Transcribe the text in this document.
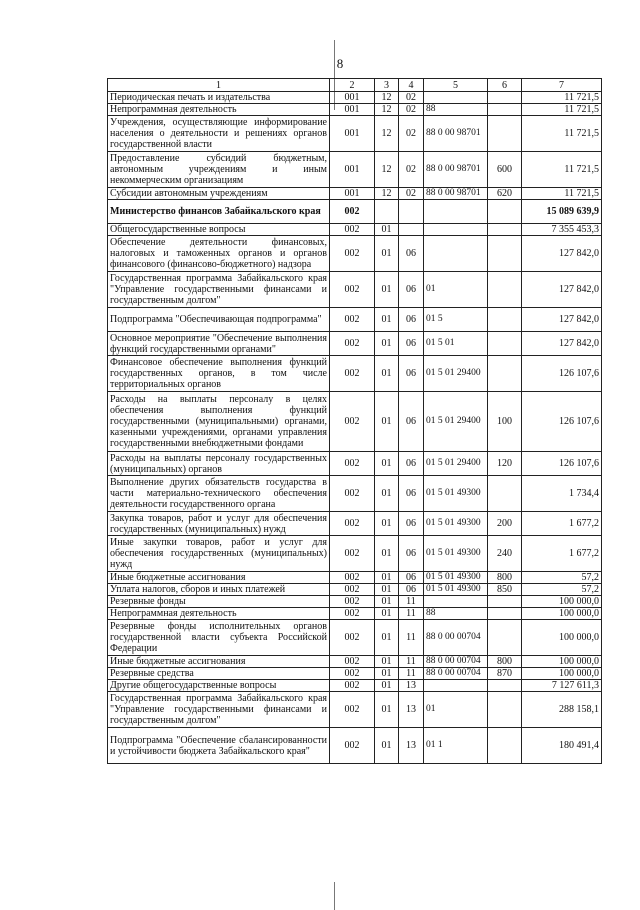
8
1	2	3	4	5	6	7
Периодическая печать и издательства	001	12	02			11 721,5
Непрограммная деятельность	001	12	02	88		11 721,5
Учреждения, осуществляющие информирование населения о деятельности и решениях органов государственной власти	001	12	02	88 0 00 98701		11 721,5
Предоставление субсидий бюджетным, автономным учреждениям и иным некоммерческим организациям	001	12	02	88 0 00 98701	600	11 721,5
Субсидии автономным учреждениям	001	12	02	88 0 00 98701	620	11 721,5
Министерство финансов Забайкальского края	002					15 089 639,9
Общегосударственные вопросы	002	01				7 355 453,3
Обеспечение деятельности финансовых, налоговых и таможенных органов и органов финансового (финансово-бюджетного) надзора	002	01	06			127 842,0
Государственная программа Забайкальского края "Управление государственными финансами и государственным долгом"	002	01	06	01		127 842,0
Подпрограмма "Обеспечивающая подпрограмма"	002	01	06	01 5		127 842,0
Основное мероприятие "Обеспечение выполнения функций государственными органами"	002	01	06	01 5 01		127 842,0
Финансовое обеспечение выполнения функций государственных органов, в том числе территориальных органов	002	01	06	01 5 01 29400		126 107,6
Расходы на выплаты персоналу в целях обеспечения выполнения функций государственными (муниципальными) органами, казенными учреждениями, органами управления государственными внебюджетными фондами	002	01	06	01 5 01 29400	100	126 107,6
Расходы на выплаты персоналу государственных (муниципальных) органов	002	01	06	01 5 01 29400	120	126 107,6
Выполнение других обязательств государства в части материально-технического обеспечения деятельности государственного органа	002	01	06	01 5 01 49300		1 734,4
Закупка товаров, работ и услуг для обеспечения государственных (муниципальных) нужд	002	01	06	01 5 01 49300	200	1 677,2
Иные закупки товаров, работ и услуг для обеспечения государственных (муниципальных) нужд	002	01	06	01 5 01 49300	240	1 677,2
Иные бюджетные ассигнования	002	01	06	01 5 01 49300	800	57,2
Уплата налогов, сборов и иных платежей	002	01	06	01 5 01 49300	850	57,2
Резервные фонды	002	01	11			100 000,0
Непрограммная деятельность	002	01	11	88		100 000,0
Резервные фонды исполнительных органов государственной власти субъекта Российской Федерации	002	01	11	88 0 00 00704		100 000,0
Иные бюджетные ассигнования	002	01	11	88 0 00 00704	800	100 000,0
Резервные средства	002	01	11	88 0 00 00704	870	100 000,0
Другие общегосударственные вопросы	002	01	13			7 127 611,3
Государственная программа Забайкальского края "Управление государственными финансами и государственным долгом"	002	01	13	01		288 158,1
Подпрограмма "Обеспечение сбалансированности и устойчивости бюджета Забайкальского края"	002	01	13	01 1		180 491,4
